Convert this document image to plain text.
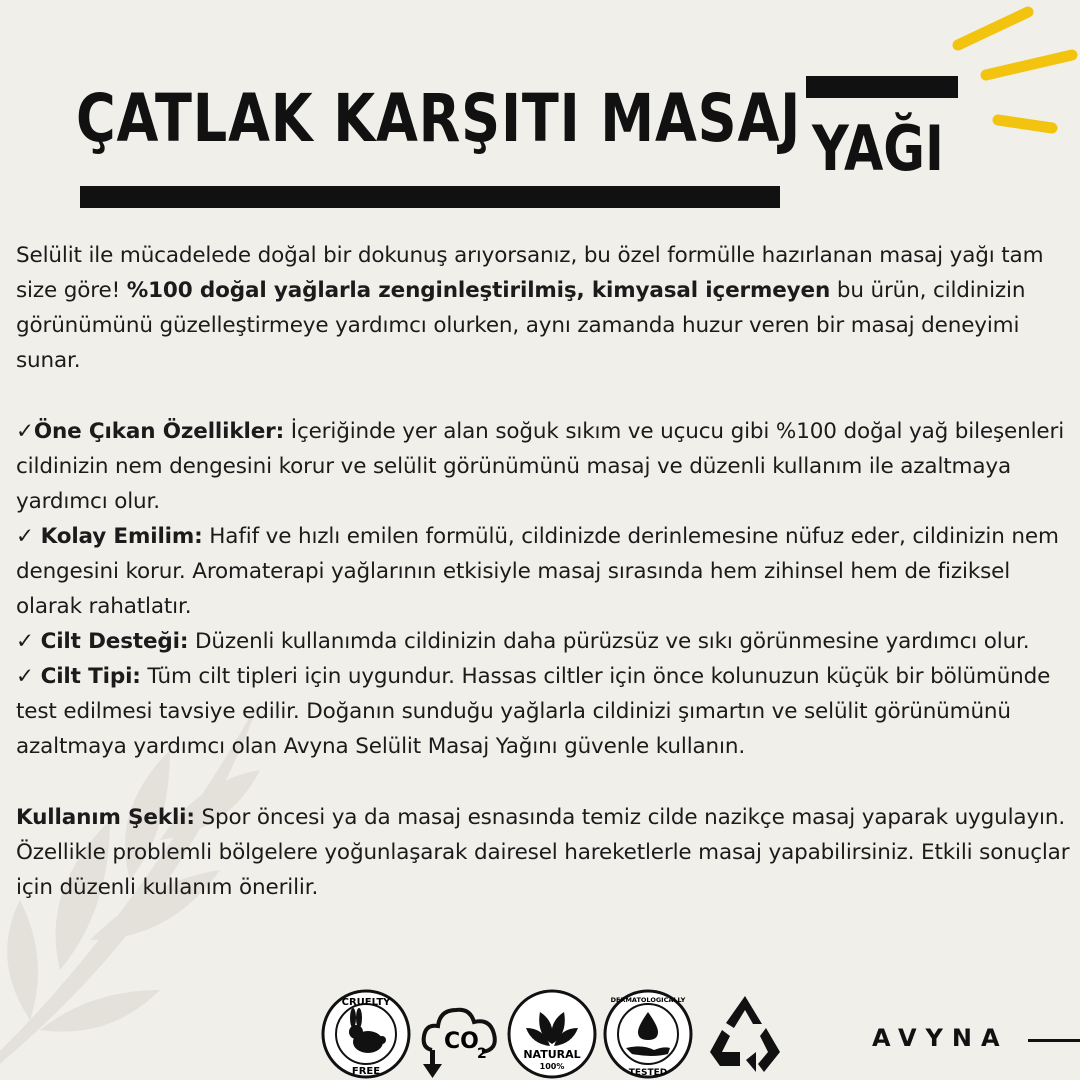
ÇATLAK KARŞITI MASAJ YAĞI

Selülit ile mücadelede doğal bir dokunuş arıyorsanız, bu özel formülle hazırlanan masaj yağı tam size göre! %100 doğal yağlarla zenginleştirilmiş, kimyasal içermeyen bu ürün, cildinizin görünümünü güzelleştirmeye yardımcı olurken, aynı zamanda huzur veren bir masaj deneyimi sunar.

✓Öne Çıkan Özellikler: İçeriğinde yer alan soğuk sıkım ve uçucu gibi %100 doğal yağ bileşenleri cildinizin nem dengesini korur ve selülit görünümünü masaj ve düzenli kullanım ile azaltmaya yardımcı olur.

✓ Kolay Emilim: Hafif ve hızlı emilen formülü, cildinizde derinlemesine nüfuz eder, cildinizin nem dengesini korur. Aromaterapi yağlarının etkisiyle masaj sırasında hem zihinsel hem de fiziksel olarak rahatlatır.

✓ Cilt Desteği: Düzenli kullanımda cildinizin daha pürüzsüz ve sıkı görünmesine yardımcı olur.

✓ Cilt Tipi: Tüm cilt tipleri için uygundur. Hassas ciltler için önce kolunuzun küçük bir bölümünde test edilmesi tavsiye edilir. Doğanın sunduğu yağlarla cildinizi şımartın ve selülit görünümünü azaltmaya yardımcı olan Avyna Selülit Masaj Yağını güvenle kullanın.

Kullanım Şekli: Spor öncesi ya da masaj esnasında temiz cilde nazikçe masaj yaparak uygulayın. Özellikle problemli bölgelere yoğunlaşarak dairesel hareketlerle masaj yapabilirsiniz. Etkili sonuçlar için düzenli kullanım önerilir.

CRUELTY
FREE
CO
2	NATURAL
100%
DERMATOLOGICALLY
TESTED
AVYNA
